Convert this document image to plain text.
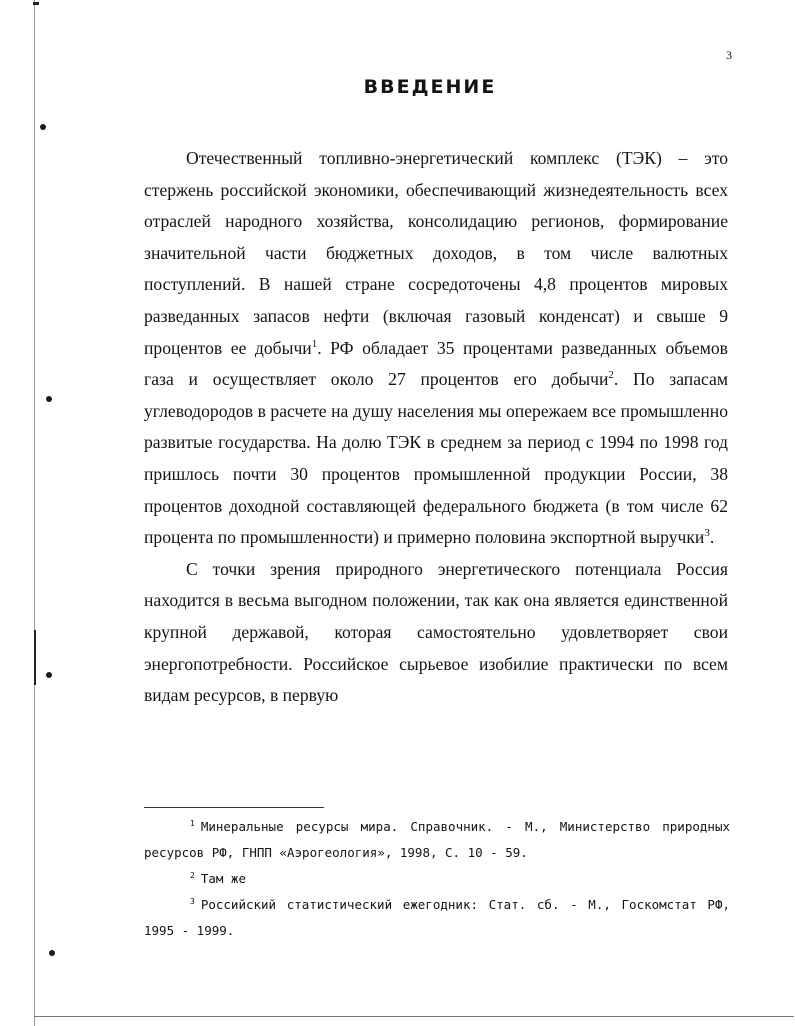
3
ВВЕДЕНИЕ

Отечественный топливно-энергетический комплекс (ТЭК) – это стержень российской экономики, обеспечивающий жизнедеятельность всех отраслей народного хозяйства, консолидацию регионов, формирование значительной части бюджетных доходов, в том числе валютных поступлений. В нашей стране сосредоточены 4,8 процентов мировых разведанных запасов нефти (включая газовый конденсат) и свыше 9 процентов ее добычи$^1$. РФ обладает 35 процентами разведанных объемов газа и осуществляет около 27 процентов его добычи$^2$. По запасам углеводородов в расчете на душу населения мы опережаем все промышленно развитые государства. На долю ТЭК в среднем за период с 1994 по 1998 год пришлось почти 30 процентов промышленной продукции России, 38 процентов доходной составляющей федерального бюджета (в том числе 62 процента по промышленности) и примерно половина экспортной выручки$^3$.

С точки зрения природного энергетического потенциала Россия находится в весьма выгодном положении, так как она является единственной крупной державой, которая самостоятельно удовлетворяет свои энергопотребности. Российское сырьевое изобилие практически по всем видам ресурсов, в первую

$^1$ Минеральные ресурсы мира. Справочник. - М., Министерство природных ресурсов РФ, ГНПП «Аэрогеология», 1998, С. 10 - 59.

$^2$ Там же

$^3$ Российский статистический ежегодник: Стат. сб. - М., Госкомстат РФ, 1995 - 1999.
